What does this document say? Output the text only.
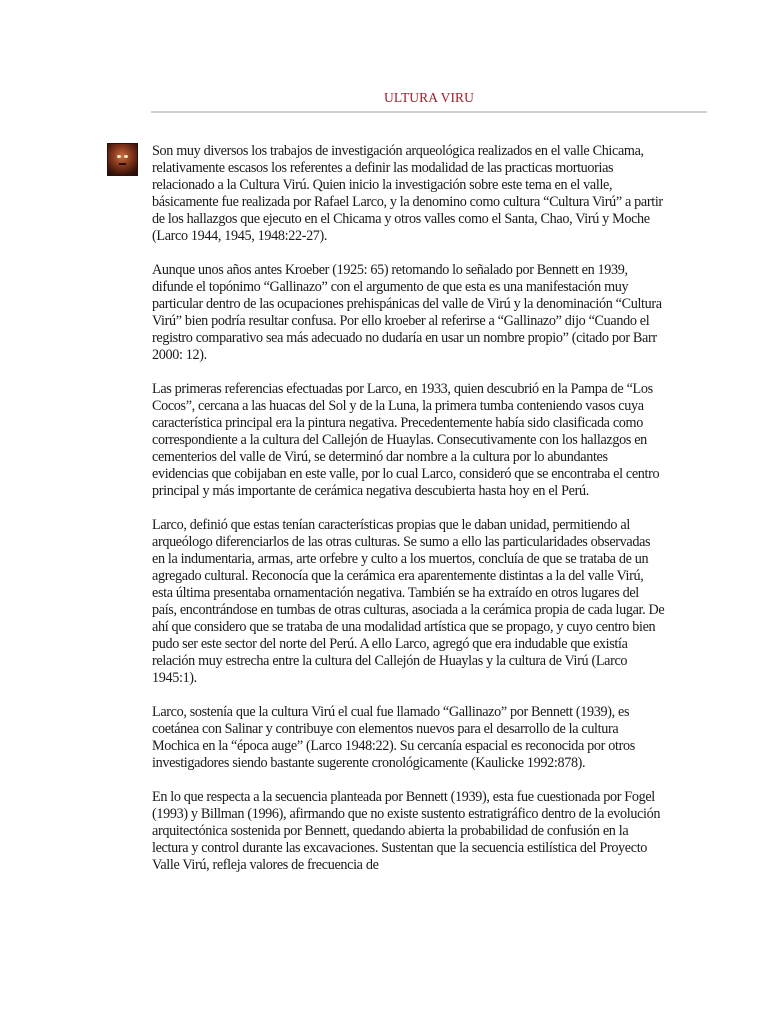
ULTURA VIRU

Son muy diversos los trabajos de investigación arqueológica realizados en el valle Chicama, relativamente escasos los referentes a definir las modalidad de las practicas mortuorias relacionado a la Cultura Virú. Quien inicio la investigación sobre este tema en el valle, básicamente fue realizada por Rafael Larco, y la denomino como cultura “Cultura Virú” a partir de los hallazgos que ejecuto en el Chicama y otros valles como el Santa, Chao, Virú y Moche (Larco 1944, 1945, 1948:22-27).

Aunque unos años antes Kroeber (1925: 65) retomando lo señalado por Bennett en 1939, difunde el topónimo “Gallinazo” con el argumento de que esta es una manifestación muy particular dentro de las ocupaciones prehispánicas del valle de Virú y la denominación “Cultura Virú” bien podría resultar confusa. Por ello kroeber al referirse a “Gallinazo” dijo “Cuando el registro comparativo sea más adecuado no dudaría en usar un nombre propio” (citado por Barr 2000: 12).

Las primeras referencias efectuadas por Larco, en 1933, quien descubrió en la Pampa de “Los Cocos”, cercana a las huacas del Sol y de la Luna, la primera tumba conteniendo vasos cuya característica principal era la pintura negativa. Precedentemente había sido clasificada como correspondiente a la cultura del Callejón de Huaylas. Consecutivamente con los hallazgos en cementerios del valle de Virú, se determinó dar nombre a la cultura por lo abundantes evidencias que cobijaban en este valle, por lo cual Larco, consideró que se encontraba el centro principal y más importante de cerámica negativa descubierta hasta hoy en el Perú.

Larco, definió que estas tenían características propias que le daban unidad, permitiendo al arqueólogo diferenciarlos de las otras culturas. Se sumo a ello las particularidades observadas en la indumentaria, armas, arte orfebre y culto a los muertos, concluía de que se trataba de un agregado cultural. Reconocía que la cerámica era aparentemente distintas a la del valle Virú, esta última presentaba ornamentación negativa. También se ha extraído en otros lugares del país, encontrándose en tumbas de otras culturas, asociada a la cerámica propia de cada lugar. De ahí que considero que se trataba de una modalidad artística que se propago, y cuyo centro bien pudo ser este sector del norte del Perú. A ello Larco, agregó que era indudable que existía relación muy estrecha entre la cultura del Callejón de Huaylas y la cultura de Virú (Larco 1945:1).

Larco, sostenía que la cultura Virú el cual fue llamado “Gallinazo” por Bennett (1939), es coetánea con Salinar y contribuye con elementos nuevos para el desarrollo de la cultura Mochica en la “época auge” (Larco 1948:22). Su cercanía espacial es reconocida por otros investigadores siendo bastante sugerente cronológicamente (Kaulicke 1992:878).

En lo que respecta a la secuencia planteada por Bennett (1939), esta fue cuestionada por Fogel (1993) y Billman (1996), afirmando que no existe sustento estratigráfico dentro de la evolución arquitectónica sostenida por Bennett, quedando abierta la probabilidad de confusión en la lectura y control durante las excavaciones. Sustentan que la secuencia estilística del Proyecto Valle Virú, refleja valores de frecuencia de
